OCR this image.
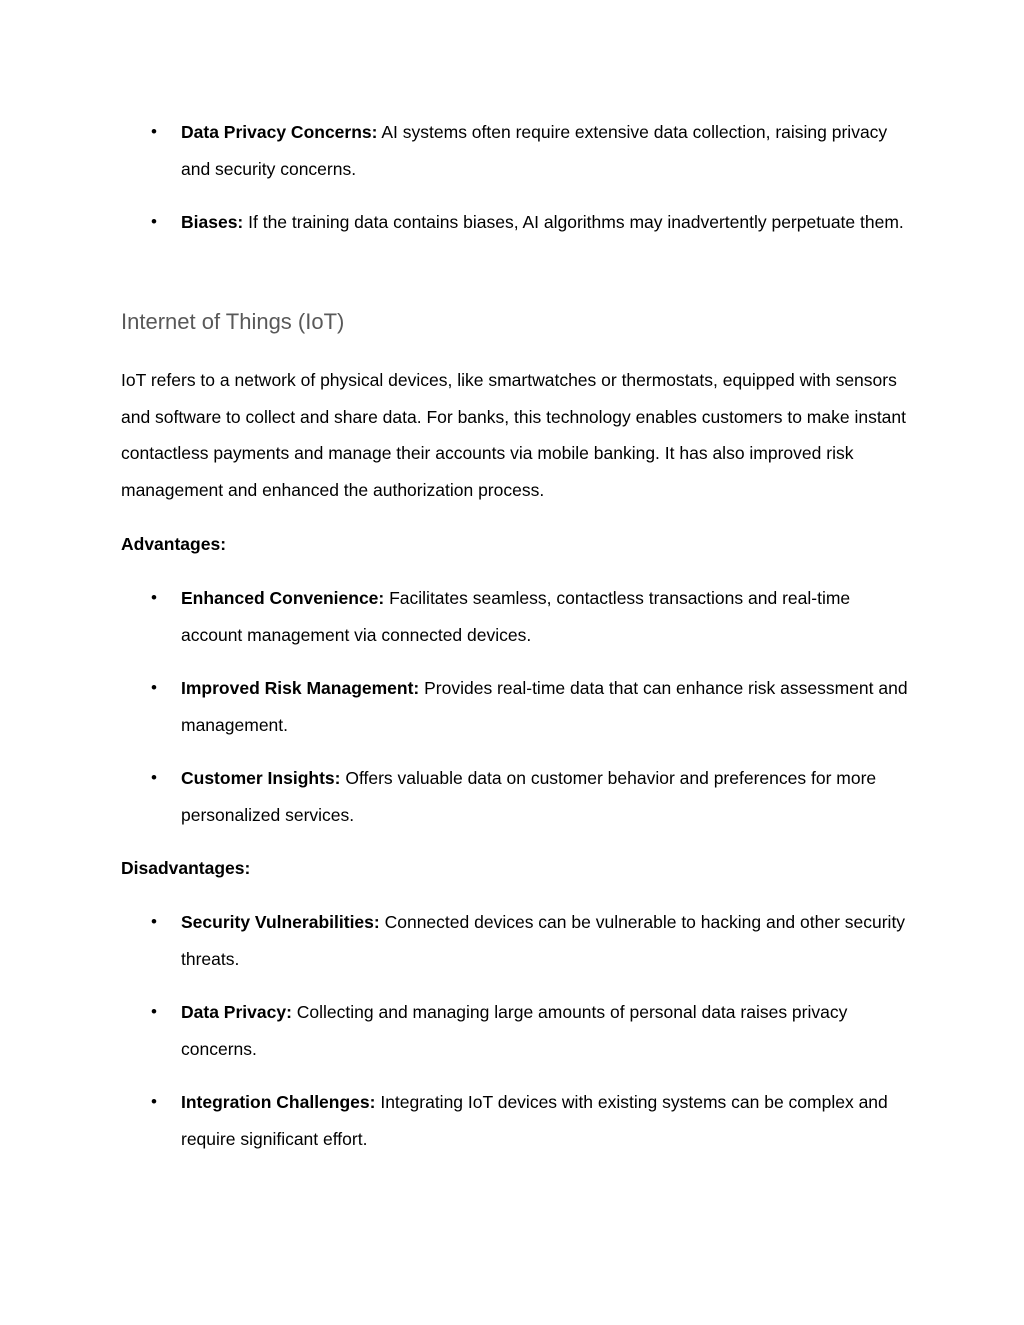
• Data Privacy Concerns: AI systems often require extensive data collection, raising privacy and security concerns.
• Biases: If the training data contains biases, AI algorithms may inadvertently perpetuate them.
Internet of Things (IoT)

IoT refers to a network of physical devices, like smartwatches or thermostats, equipped with sensors and software to collect and share data. For banks, this technology enables customers to make instant contactless payments and manage their accounts via mobile banking. It has also improved risk management and enhanced the authorization process.

Advantages:

• Enhanced Convenience: Facilitates seamless, contactless transactions and real-time account management via connected devices.
• Improved Risk Management: Provides real-time data that can enhance risk assessment and management.
• Customer Insights: Offers valuable data on customer behavior and preferences for more personalized services.

Disadvantages:

• Security Vulnerabilities: Connected devices can be vulnerable to hacking and other security threats.
• Data Privacy: Collecting and managing large amounts of personal data raises privacy concerns.
• Integration Challenges: Integrating IoT devices with existing systems can be complex and require significant effort.
